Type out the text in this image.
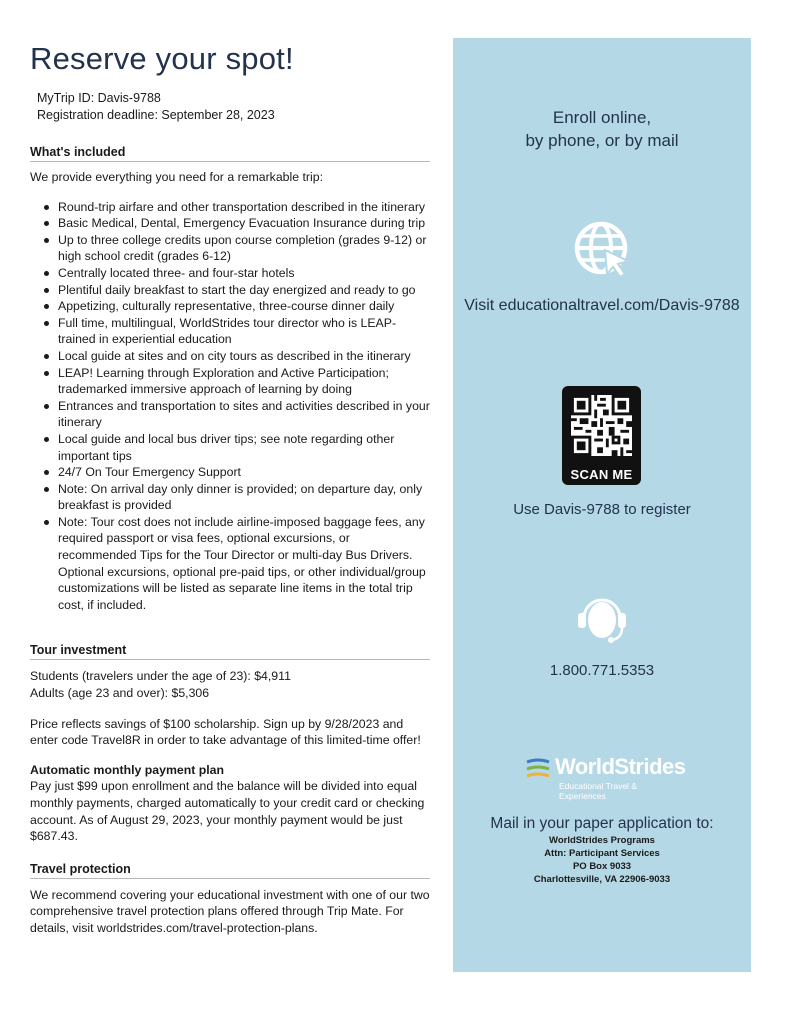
Reserve your spot!
MyTrip ID: Davis-9788
Registration deadline: September 28, 2023
What's included
We provide everything you need for a remarkable trip:
Round-trip airfare and other transportation described in the itinerary
Basic Medical, Dental, Emergency Evacuation Insurance during trip
Up to three college credits upon course completion (grades 9-12) or high school credit (grades 6-12)
Centrally located three- and four-star hotels
Plentiful daily breakfast to start the day energized and ready to go
Appetizing, culturally representative, three-course dinner daily
Full time, multilingual, WorldStrides tour director who is LEAP-trained in experiential education
Local guide at sites and on city tours as described in the itinerary
LEAP! Learning through Exploration and Active Participation; trademarked immersive approach of learning by doing
Entrances and transportation to sites and activities described in your itinerary
Local guide and local bus driver tips; see note regarding other important tips
24/7 On Tour Emergency Support
Note: On arrival day only dinner is provided; on departure day, only breakfast is provided
Note: Tour cost does not include airline-imposed baggage fees, any required passport or visa fees, optional excursions, or recommended Tips for the Tour Director or multi-day Bus Drivers. Optional excursions, optional pre-paid tips, or other individual/group customizations will be listed as separate line items in the total trip cost, if included.
Tour investment
Students (travelers under the age of 23): $4,911
Adults (age 23 and over): $5,306
Price reflects savings of $100 scholarship. Sign up by 9/28/2023 and enter code Travel8R in order to take advantage of this limited-time offer!
Automatic monthly payment plan
Pay just $99 upon enrollment and the balance will be divided into equal monthly payments, charged automatically to your credit card or checking account. As of August 29, 2023, your monthly payment would be just $687.43.
Travel protection
We recommend covering your educational investment with one of our two comprehensive travel protection plans offered through Trip Mate. For details, visit worldstrides.com/travel-protection-plans.
Enroll online,
by phone, or by mail
Visit educationaltravel.com/Davis-9788
SCAN ME
Use Davis-9788 to register
1.800.771.5353
WorldStrides
Educational Travel & Experiences
Mail in your paper application to:
WorldStrides Programs
Attn: Participant Services
PO Box 9033
Charlottesville, VA 22906-9033
